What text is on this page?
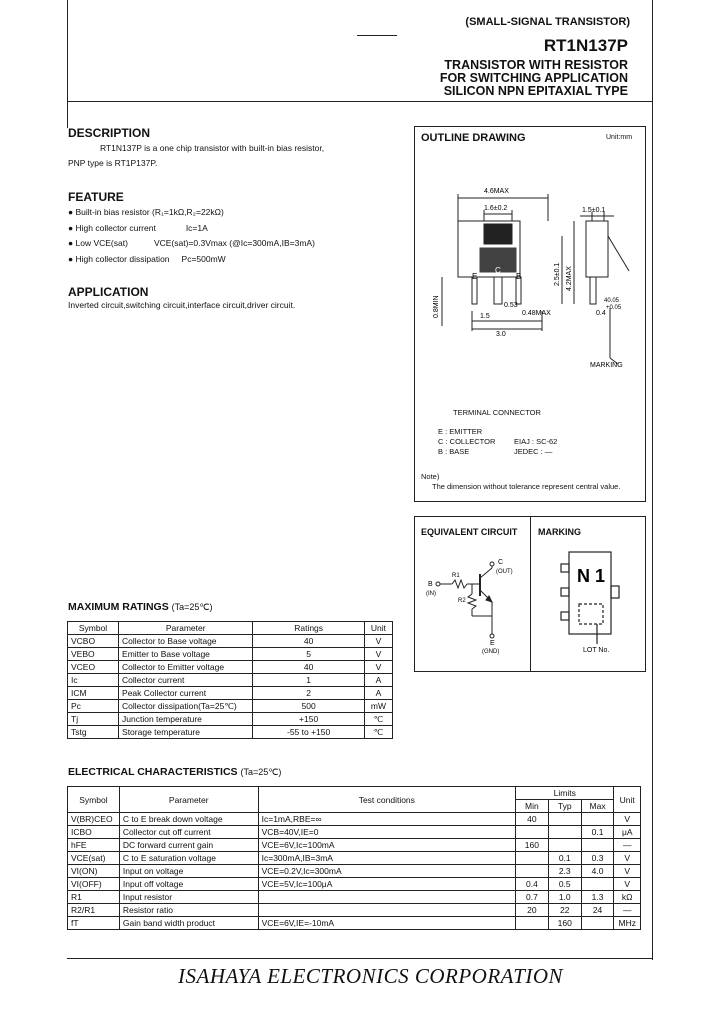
(SMALL-SIGNAL TRANSISTOR)
RT1N137P
TRANSISTOR WITH RESISTOR
FOR SWITCHING APPLICATION
SILICON NPN EPITAXIAL TYPE
DESCRIPTION
RT1N137P is a one chip transistor with built-in bias resistor,
PNP type is RT1P137P.
FEATURE
● Built-in bias resistor (R₁=1kΩ,R₂=22kΩ)
● High collector current	Ic=1A
● Low VCE(sat)	VCE(sat)=0.3Vmax (@Ic=300mA,IB=3mA)
● High collector dissipation Pc=500mW
APPLICATION
Inverted circuit,switching circuit,interface circuit,driver circuit.
OUTLINE DRAWING	Unit:mm
4.6MAX
1.6±0.2	1.5±0.1
2.5±0.1 4.2MAX
0.8MIN
E
C
B
1.5
0.53
0.48MAX
3.0
40.05
+0.05
0.4
MARKING
TERMINAL CONNECTOR
E : EMITTER
C : COLLECTOR
B : BASE
EIAJ : SC-62
JEDEC : —
Note)
The dimension without tolerance represent central value.
EQUIVALENT CIRCUIT MARKING
C
(OUT)
B
(IN)
R1
R2
E
(GND)
N 1
LOT No.
MAXIMUM RATINGS (Ta=25℃)
Symbol	Parameter	Ratings	Unit
VCBO	Collector to Base voltage	40	V
VEBO	Emitter to Base voltage	5	V
VCEO	Collector to Emitter voltage	40	V
Ic	Collector current	1	A
ICM	Peak Collector current	2	A
Pc	Collector dissipation(Ta=25℃)	500	mW
Tj	Junction temperature	+150	℃
Tstg	Storage temperature	-55 to +150	℃
ELECTRICAL CHARACTERISTICS (Ta=25℃)
Symbol	Parameter	Test conditions	Limits			Unit
			Min	Typ	Max	
V(BR)CEO	C to E break down voltage	Ic=1mA,RBE=∞	40			V
ICBO	Collector cut off current	VCB=40V,IE=0			0.1	μA
hFE	DC forward current gain	VCE=6V,Ic=100mA	160			—
VCE(sat)	C to E saturation voltage	Ic=300mA,IB=3mA		0.1	0.3	V
VI(ON)	Input on voltage	VCE=0.2V,Ic=300mA		2.3	4.0	V
VI(OFF)	Input off voltage	VCE=5V,Ic=100μA	0.4	0.5		V
R1	Input resistor		0.7	1.0	1.3	kΩ
R2/R1	Resistor ratio		20	22	24	—
fT	Gain band width product	VCE=6V,IE=-10mA		160		MHz
ISAHAYA ELECTRONICS CORPORATION
